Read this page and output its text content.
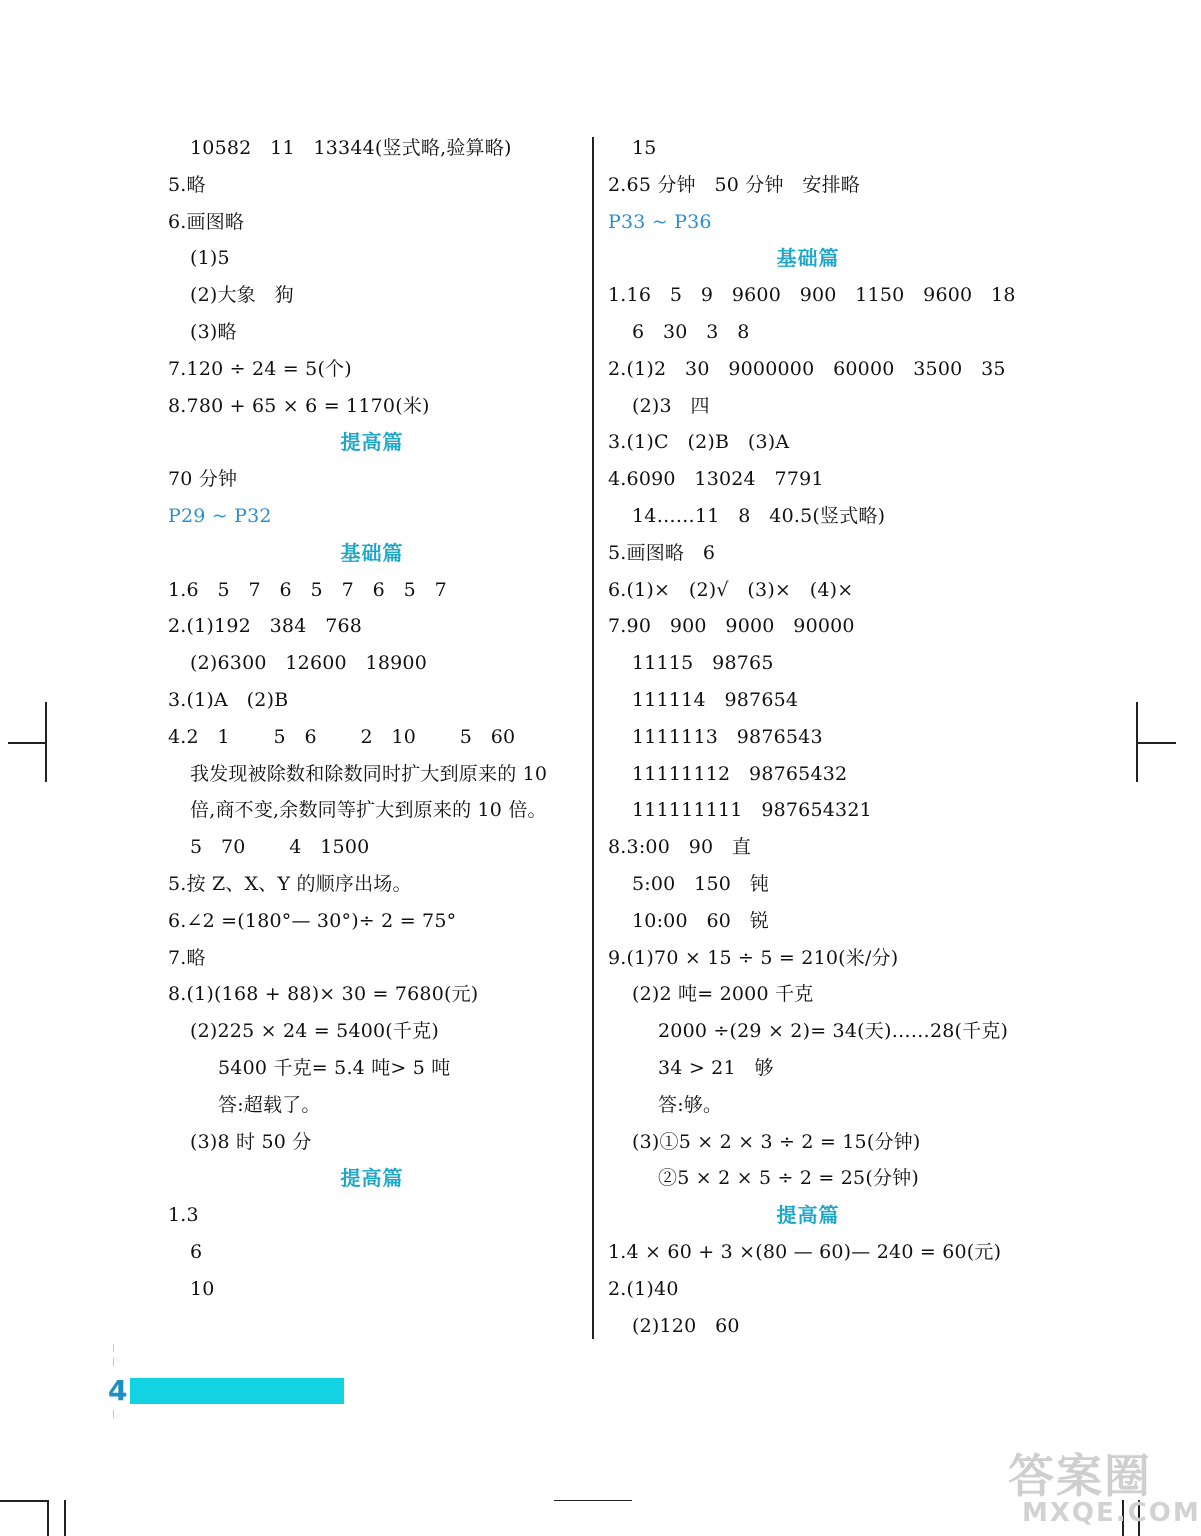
10582   11   13344(竖式略,验算略)
5.略
6.画图略
(1)5
(2)大象   狗
(3)略
7.120 ÷ 24 = 5(个)
8.780 + 65 × 6 = 1170(米)
提高篇
70 分钟
P29 ~ P32
基础篇
1.6   5   7   6   5   7   6   5   7
2.(1)192   384   768
(2)6300   12600   18900
3.(1)A   (2)B
4.2   1       5   6       2   10       5   60
我发现被除数和除数同时扩大到原来的 10
倍,商不变,余数同等扩大到原来的 10 倍。
5   70       4   1500
5.按 Z、X、Y 的顺序出场。
6.∠2 =(180°— 30°)÷ 2 = 75°
7.略
8.(1)(168 + 88)× 30 = 7680(元)
(2)225 × 24 = 5400(千克)
5400 千克= 5.4 吨> 5 吨
答:超载了。
(3)8 时 50 分
提高篇
1.3
6
10
15
2.65 分钟   50 分钟   安排略
P33 ~ P36
基础篇
1.16   5   9   9600   900   1150   9600   18
6   30   3   8
2.(1)2   30   9000000   60000   3500   35
(2)3   四
3.(1)C   (2)B   (3)A
4.6090   13024   7791
14……11   8   40.5(竖式略)
5.画图略   6
6.(1)×   (2)√   (3)×   (4)×
7.90   900   9000   90000
11115   98765
111114   987654
1111113   9876543
11111112   98765432
111111111   987654321
8.3:00   90   直
5:00   150   钝
10:00   60   锐
9.(1)70 × 15 ÷ 5 = 210(米/分)
(2)2 吨= 2000 千克
2000 ÷(29 × 2)= 34(天)……28(千克)
34 > 21   够
答:够。
(3)①5 × 2 × 3 ÷ 2 = 15(分钟)
②5 × 2 × 5 ÷ 2 = 25(分钟)
提高篇
1.4 × 60 + 3 ×(80 — 60)— 240 = 60(元)
2.(1)40
(2)120   60
4
答案圈
MXQE.COM
